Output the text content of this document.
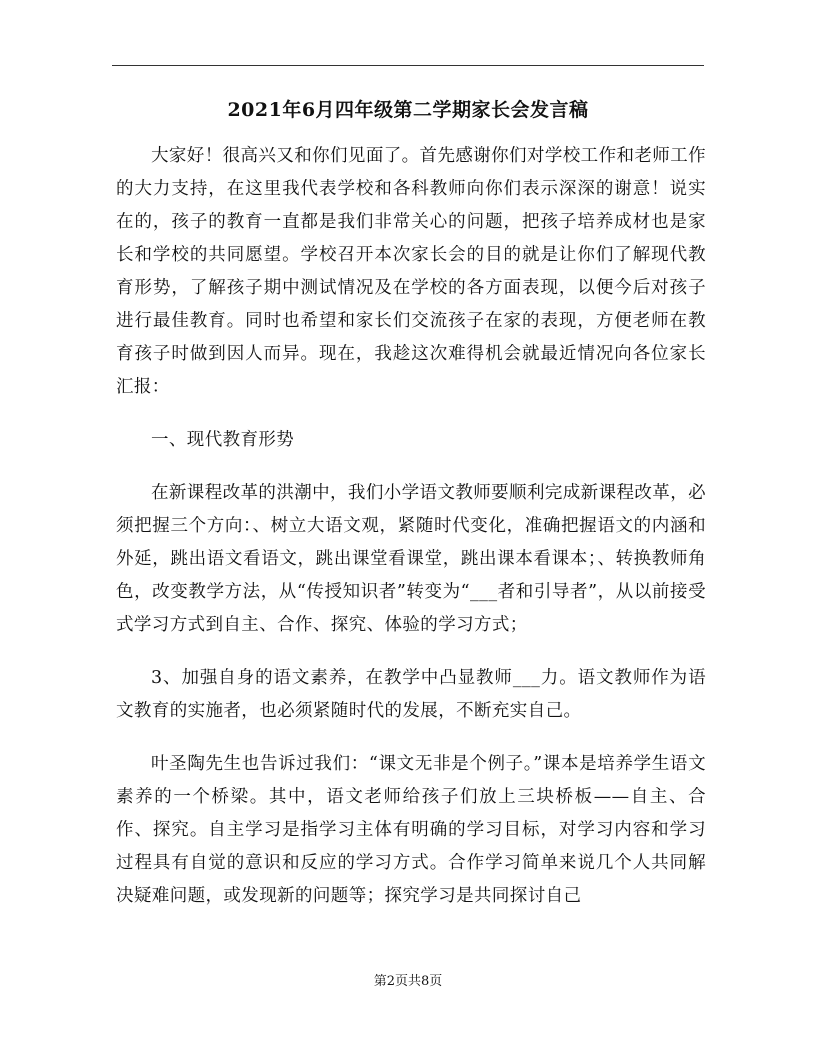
2021年6月四年级第二学期家长会发言稿

大家好！很高兴又和你们见面了。首先感谢你们对学校工作和老师工作的大力支持，在这里我代表学校和各科教师向你们表示深深的谢意！说实在的，孩子的教育一直都是我们非常关心的问题，把孩子培养成材也是家长和学校的共同愿望。学校召开本次家长会的目的就是让你们了解现代教育形势，了解孩子期中测试情况及在学校的各方面表现，以便今后对孩子进行最佳教育。同时也希望和家长们交流孩子在家的表现，方便老师在教育孩子时做到因人而异。现在，我趁这次难得机会就最近情况向各位家长汇报：

一、现代教育形势

在新课程改革的洪潮中，我们小学语文教师要顺利完成新课程改革，必须把握三个方向：、树立大语文观，紧随时代变化，准确把握语文的内涵和外延，跳出语文看语文，跳出课堂看课堂，跳出课本看课本；、转换教师角色，改变教学方法，从“传授知识者”转变为“___者和引导者”，从以前接受式学习方式到自主、合作、探究、体验的学习方式；

3、加强自身的语文素养，在教学中凸显教师___力。语文教师作为语文教育的实施者，也必须紧随时代的发展，不断充实自己。

叶圣陶先生也告诉过我们：“课文无非是个例子。”课本是培养学生语文素养的一个桥梁。其中，语文老师给孩子们放上三块桥板——自主、合作、探究。自主学习是指学习主体有明确的学习目标，对学习内容和学习过程具有自觉的意识和反应的学习方式。合作学习简单来说几个人共同解决疑难问题，或发现新的问题等；探究学习是共同探讨自己

第2页共8页
